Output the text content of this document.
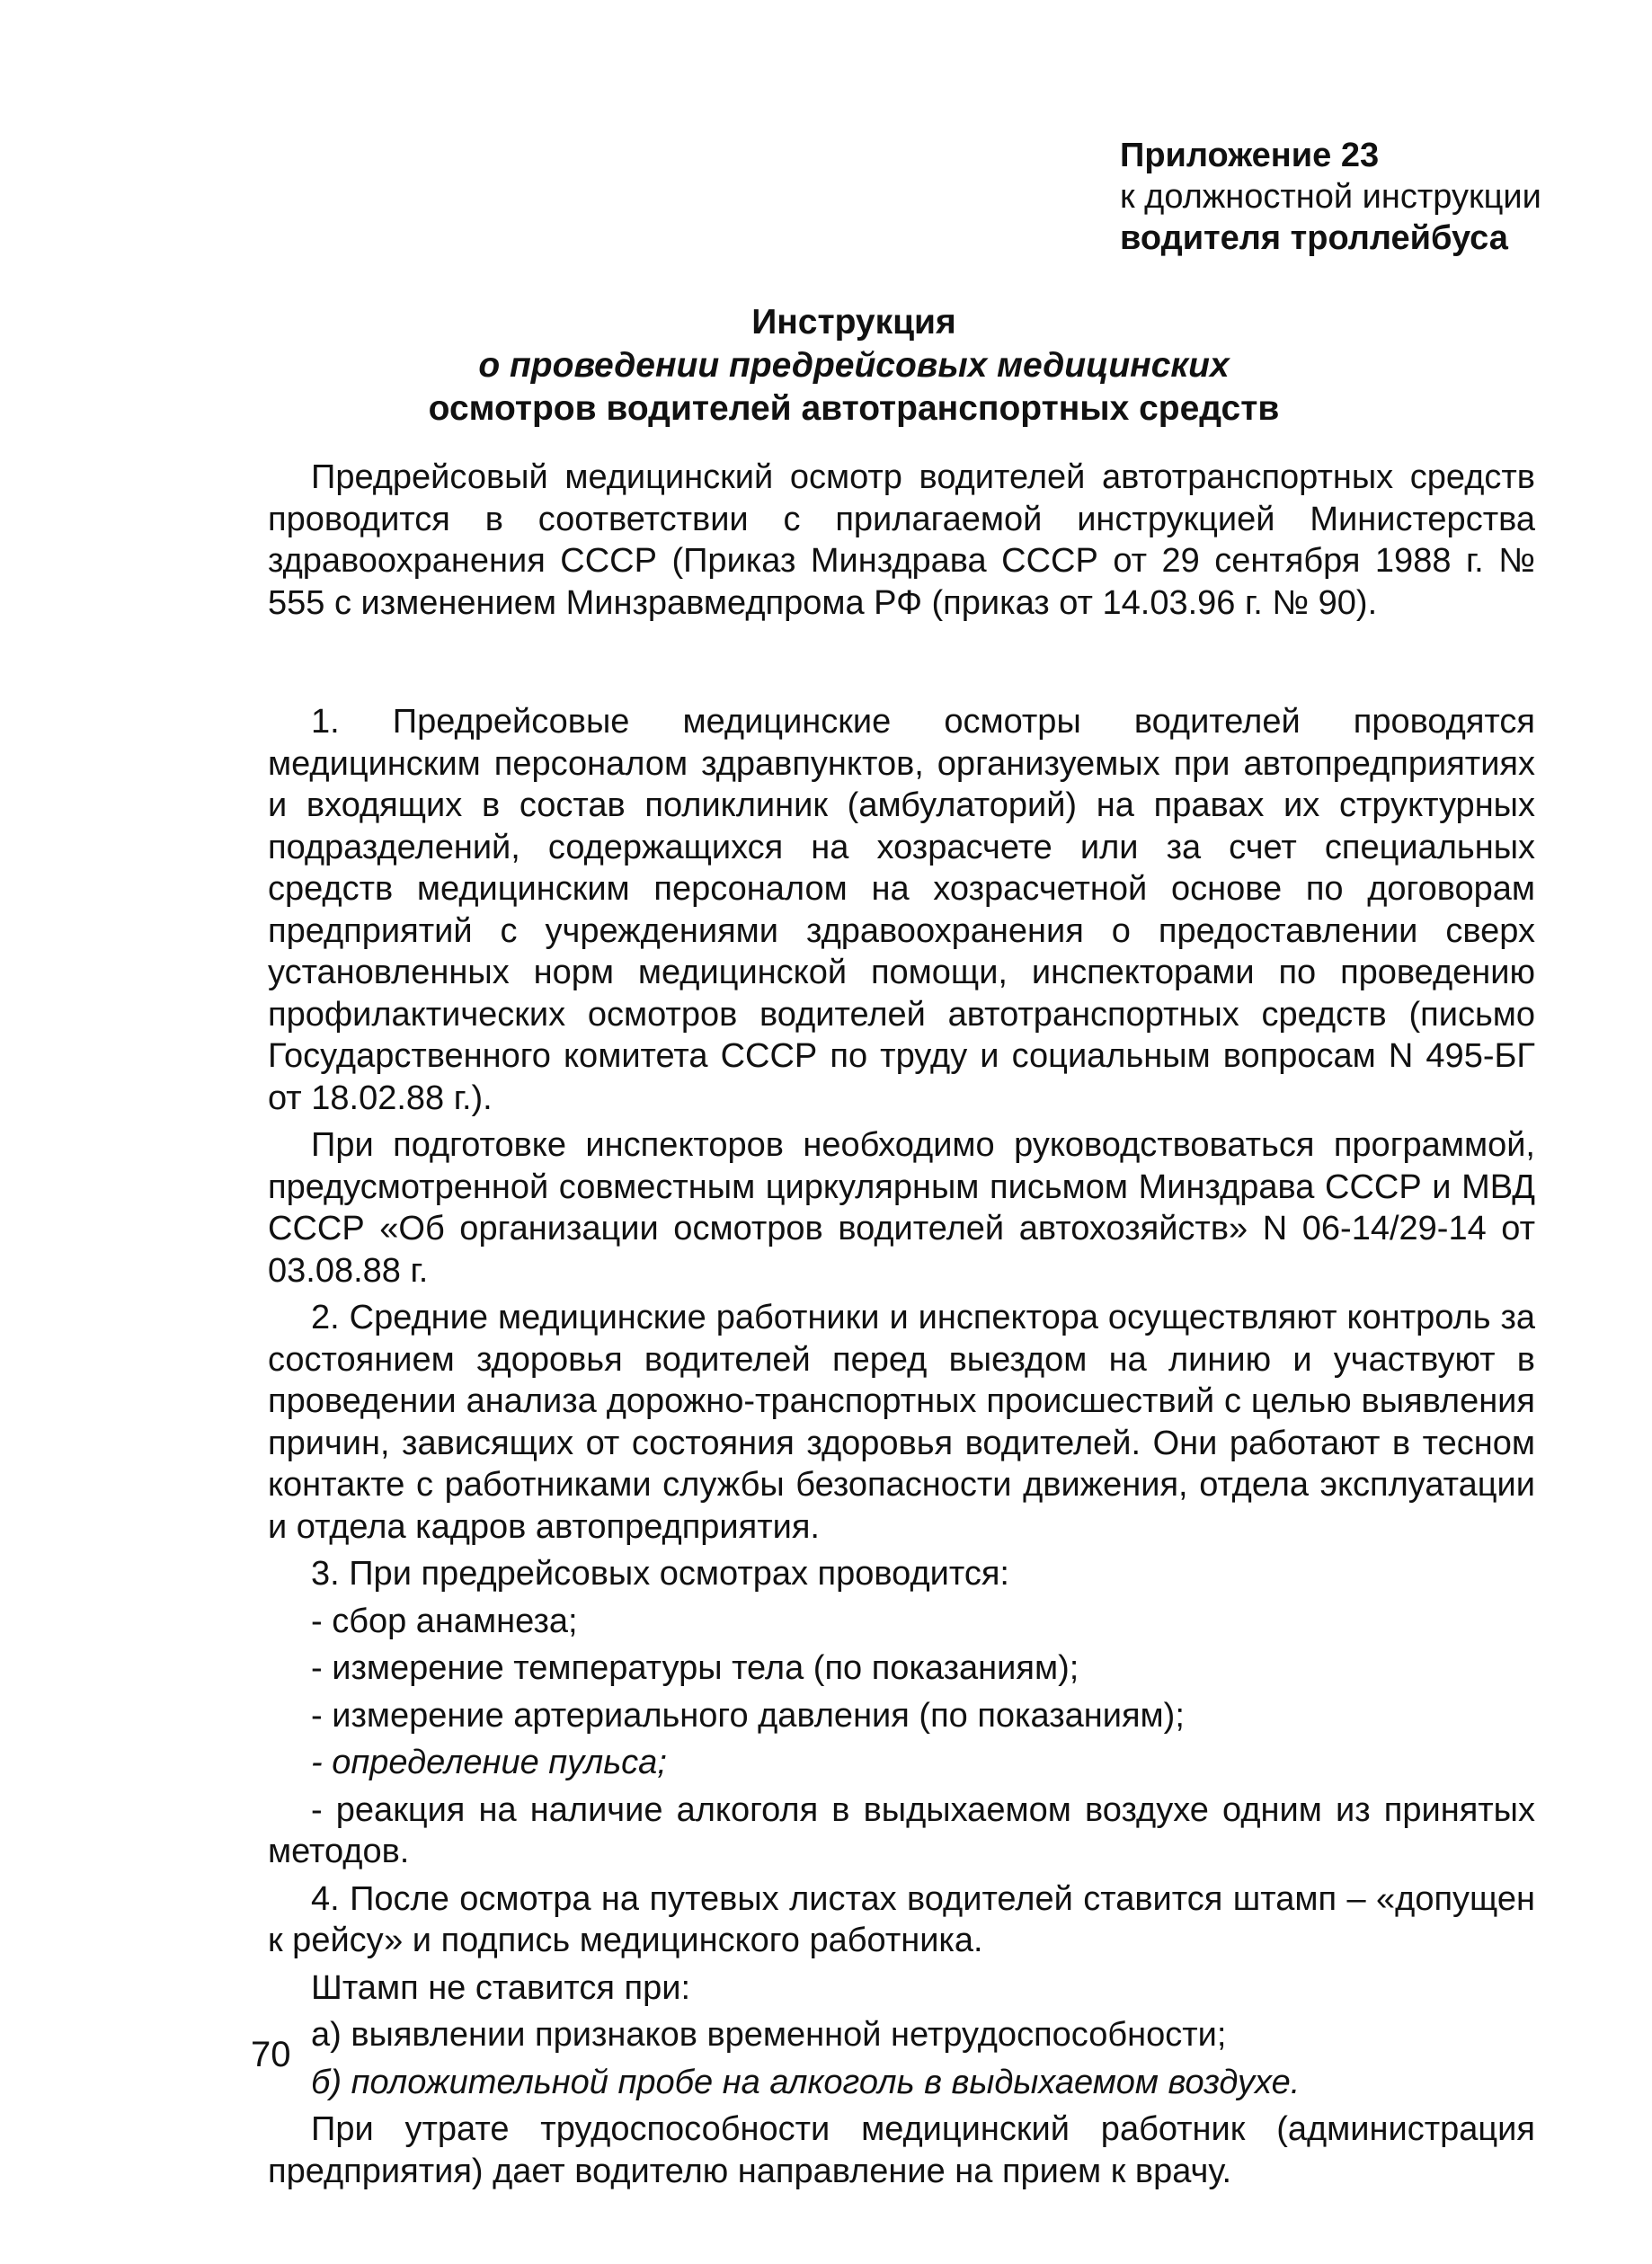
Приложение 23
к должностной инструкции
водителя троллейбуса
Инструкция
о проведении предрейсовых медицинских
осмотров водителей автотранспортных средств

Предрейсовый медицинский осмотр водителей автотранспортных средств проводится в соответствии с прилагаемой инструкцией Министерства здравоохранения СССР (Приказ Минздрава СССР от 29 сентября 1988 г. № 555 с изменением Минзравмедпрома РФ (приказ от 14.03.96 г. № 90).

1. Предрейсовые медицинские осмотры водителей проводятся медицинским персоналом здравпунктов, организуемых при автопредприятиях и входящих в состав поликлиник (амбулаторий) на правах их структурных подразделений, содержащихся на хозрасчете или за счет специальных средств медицинским персоналом на хозрасчетной основе по договорам предприятий с учреждениями здравоохранения о предоставлении сверх установленных норм медицинской помощи, инспекторами по проведению профилактических осмотров водителей автотранспортных средств (письмо Государственного комитета СССР по труду и социальным вопросам N 495-БГ от 18.02.88 г.).

При подготовке инспекторов необходимо руководствоваться программой, предусмотренной совместным циркулярным письмом Минздрава СССР и МВД СССР «Об организации осмотров водителей автохозяйств» N 06-14/29-14 от 03.08.88 г.

2. Средние медицинские работники и инспектора осуществляют контроль за состоянием здоровья водителей перед выездом на линию и участвуют в проведении анализа дорожно-транспортных происшествий с целью выявления причин, зависящих от состояния здоровья водителей. Они работают в тесном контакте с работниками службы безопасности движения, отдела эксплуатации и отдела кадров автопредприятия.

3. При предрейсовых осмотрах проводится:

- сбор анамнеза;

- измерение температуры тела (по показаниям);

- измерение артериального давления (по показаниям);

- определение пульса;

- реакция на наличие алкоголя в выдыхаемом воздухе одним из принятых методов.

4. После осмотра на путевых листах водителей ставится штамп – «допущен к рейсу» и подпись медицинского работника.

Штамп не ставится при:

а) выявлении признаков временной нетрудоспособности;

б) положительной пробе на алкоголь в выдыхаемом воздухе.

При утрате трудоспособности медицинский работник (администрация предприятия) дает водителю направление на прием к врачу.

70
